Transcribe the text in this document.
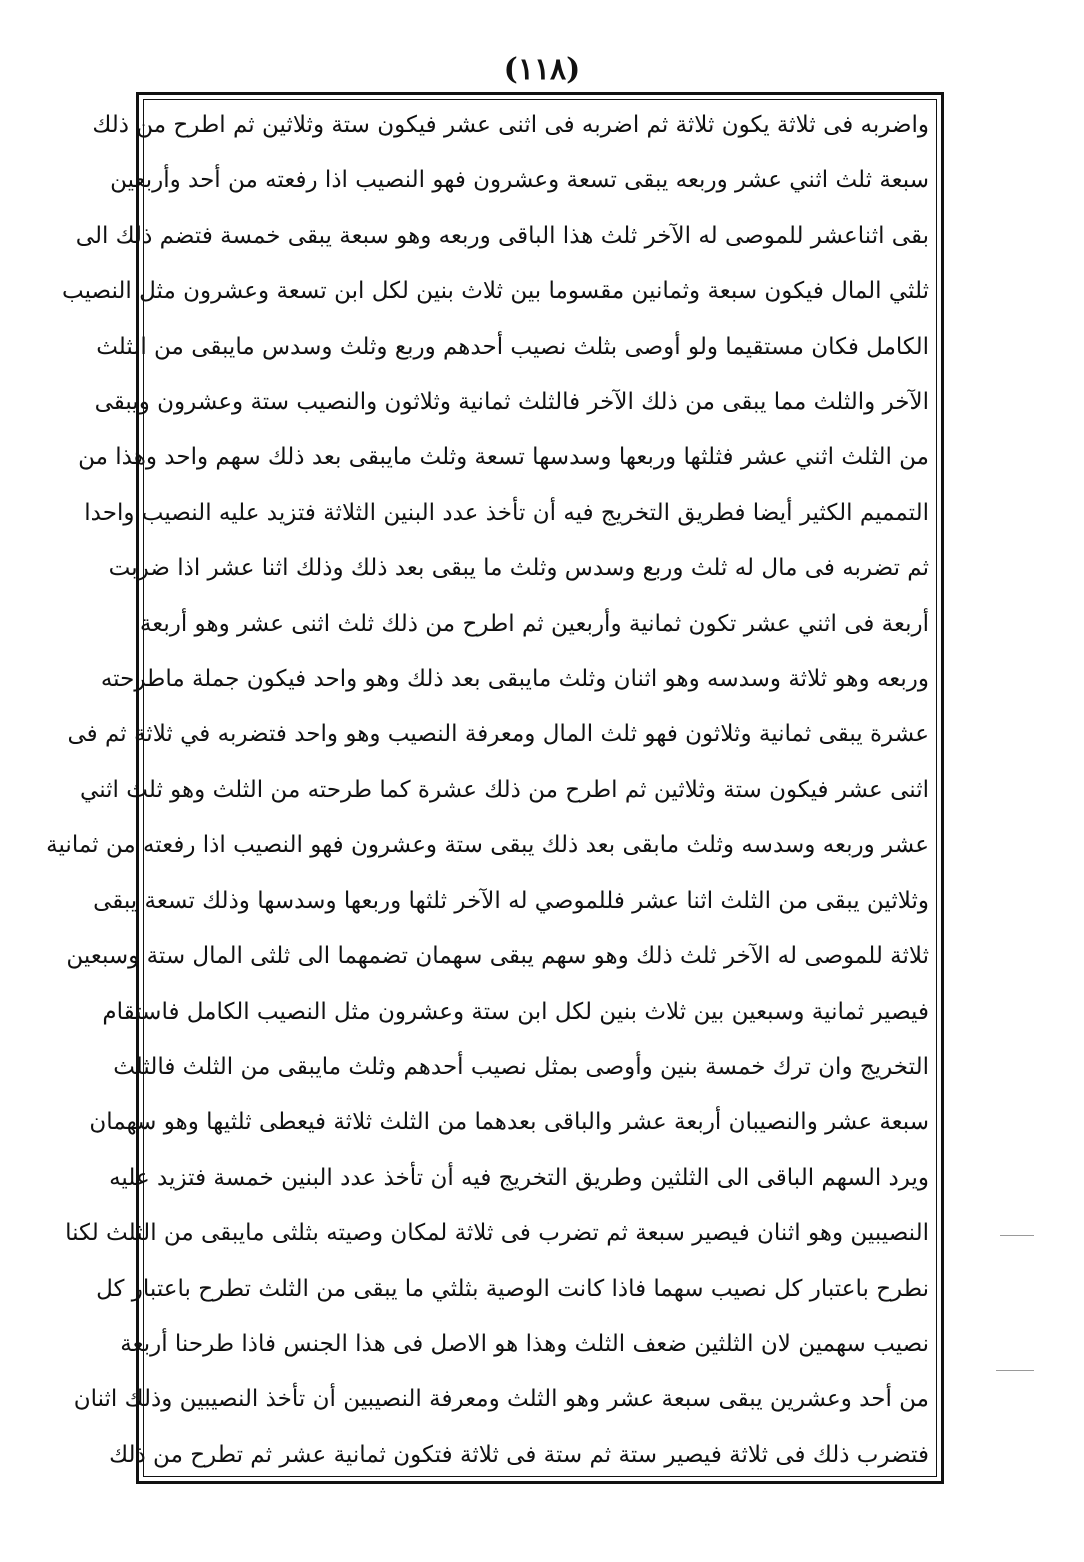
(١١٨)
واضربه فى ثلاثة يكون ثلاثة ثم اضربه فى اثنى عشر فيكون ستة وثلاثين ثم اطرح من ذلك
سبعة ثلث اثني عشر وربعه يبقى تسعة وعشرون فهو النصيب اذا رفعته من أحد وأربعين
بقى اثناعشر للموصى له الآخر ثلث هذا الباقى وربعه وهو سبعة يبقى خمسة فتضم ذلك الى
ثلثي المال فيكون سبعة وثمانين مقسوما بين ثلاث بنين لكل ابن تسعة وعشرون مثل النصيب
الكامل فكان مستقيما ولو أوصى بثلث نصيب أحدهم وربع وثلث وسدس مايبقى من الثلث
الآخر والثلث مما يبقى من ذلك الآخر فالثلث ثمانية وثلاثون والنصيب ستة وعشرون ويبقى
من الثلث اثني عشر فثلثها وربعها وسدسها تسعة وثلث مايبقى بعد ذلك سهم واحد وهذا من
التمميم الكثير أيضا فطريق التخريج فيه أن تأخذ عدد البنين الثلاثة فتزيد عليه النصيب واحدا
ثم تضربه فى مال له ثلث وربع وسدس وثلث ما يبقى بعد ذلك وذلك اثنا عشر اذا ضربت
أربعة فى اثني عشر تكون ثمانية وأربعين ثم اطرح من ذلك ثلث اثنى عشر وهو أربعة
وربعه وهو ثلاثة وسدسه وهو اثنان وثلث مايبقى بعد ذلك وهو واحد فيكون جملة ماطرحته
عشرة يبقى ثمانية وثلاثون فهو ثلث المال ومعرفة النصيب وهو واحد فتضربه في ثلاثة ثم فى
اثنى عشر فيكون ستة وثلاثين ثم اطرح من ذلك عشرة كما طرحته من الثلث وهو ثلث اثني
عشر وربعه وسدسه وثلث مابقى بعد ذلك يبقى ستة وعشرون فهو النصيب اذا رفعته من ثمانية
وثلاثين يبقى من الثلث اثنا عشر فللموصي له الآخر ثلثها وربعها وسدسها وذلك تسعة يبقى
ثلاثة للموصى له الآخر ثلث ذلك وهو سهم يبقى سهمان تضمهما الى ثلثى المال ستة وسبعين
فيصير ثمانية وسبعين بين ثلاث بنين لكل ابن ستة وعشرون مثل النصيب الكامل فاستقام
التخريج وان ترك خمسة بنين وأوصى بمثل نصيب أحدهم وثلث مايبقى من الثلث فالثلث
سبعة عشر والنصيبان أربعة عشر والباقى بعدهما من الثلث ثلاثة فيعطى ثلثيها وهو سهمان
ويرد السهم الباقى الى الثلثين وطريق التخريج فيه أن تأخذ عدد البنين خمسة فتزيد عليه
النصيبين وهو اثنان فيصير سبعة ثم تضرب فى ثلاثة لمكان وصيته بثلثى مايبقى من الثلث لكنا
نطرح باعتبار كل نصيب سهما فاذا كانت الوصية بثلثي ما يبقى من الثلث تطرح باعتبار كل
نصيب سهمين لان الثلثين ضعف الثلث وهذا هو الاصل فى هذا الجنس فاذا طرحنا أربعة
من أحد وعشرين يبقى سبعة عشر وهو الثلث ومعرفة النصيبين أن تأخذ النصيبين وذلك اثنان
فتضرب ذلك فى ثلاثة فيصير ستة ثم ستة فى ثلاثة فتكون ثمانية عشر ثم تطرح من ذلك
